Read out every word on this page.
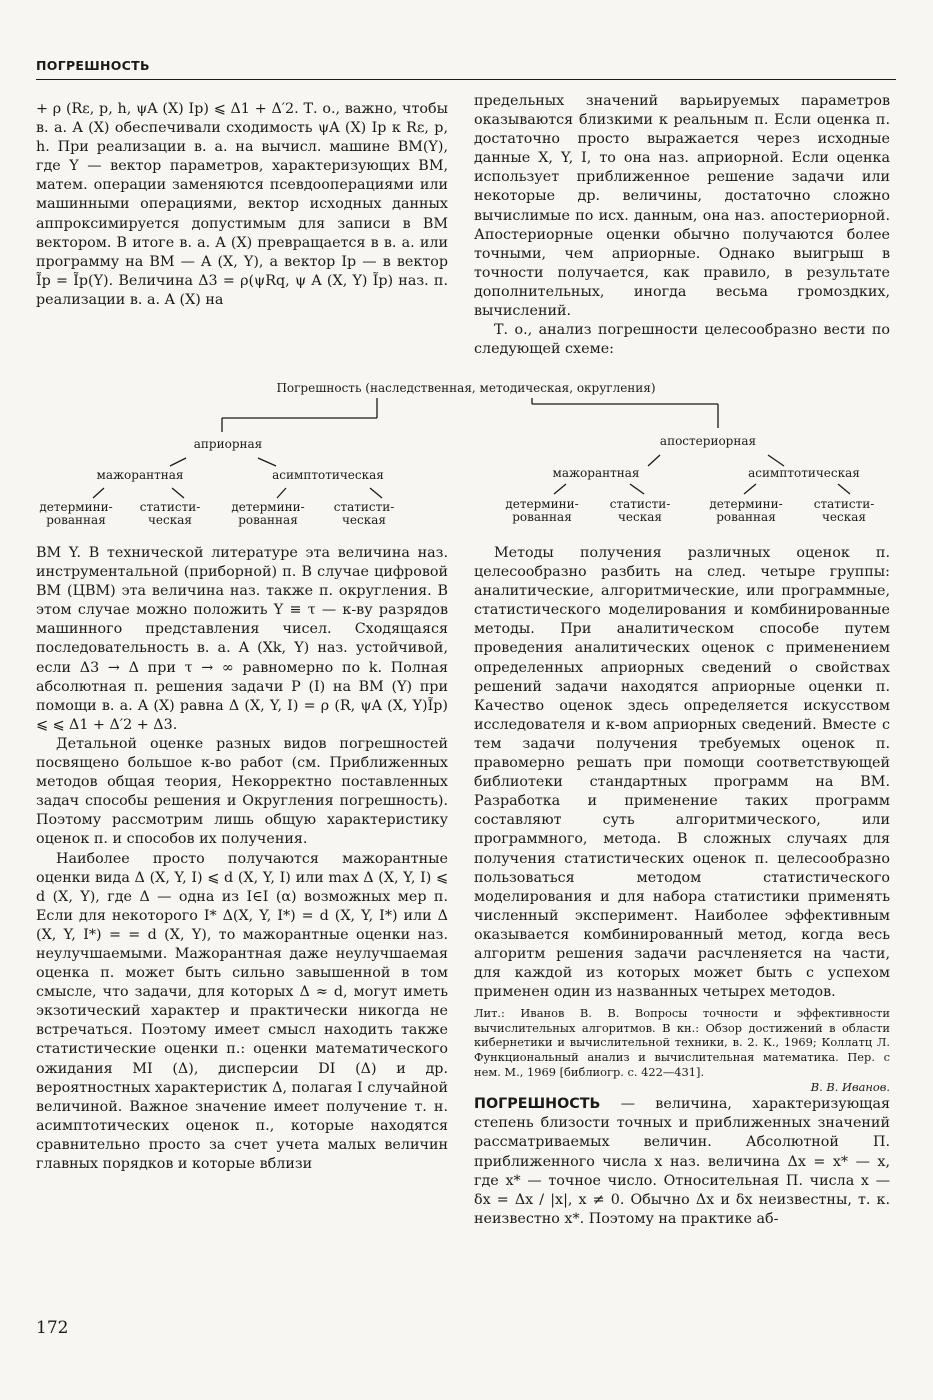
ПОГРЕШНОСТЬ

+ ρ (Rε, p, h, ψA (X) Ip) ⩽ Δ1 + Δ′2. Т. о., важно, чтобы в. а. A (X) обеспечивали сходимость ψA (X) Ip к Rε, p, h. При реализации в. а. на вычисл. машине ВМ(Y), где Y — вектор параметров, характеризующих ВМ, матем. операции заменяются псевдооперациями или машинными операциями, вектор исходных данных аппроксимируется допустимым для записи в ВМ вектором. В итоге в. а. A (X) превращается в в. а. или программу на ВМ — A (X, Y), а вектор Ip — в вектор Ĩp = Ĩp(Y). Величина Δ3 = ρ(ψRq, ψ A (X, Y) Ĩp) наз. п. реализации в. а. A (X) на

предельных значений варьируемых параметров оказываются близкими к реальным п. Если оценка п. достаточно просто выражается через исходные данные X, Y, I, то она наз. априорной. Если оценка использует приближенное решение задачи или некоторые др. величины, достаточно сложно вычислимые по исх. данным, она наз. апостериорной. Апостериорные оценки обычно получаются более точными, чем априорные. Однако выигрыш в точности получается, как правило, в результате дополнительных, иногда весьма громоздких, вычислений.

Т. о., анализ погрешности целесообразно вести по следующей схеме:

Погрешность (наследственная, методическая, округления)
априорная	апостериорная
мажорантная	асимптотическая	мажорантная	асимптотическая
детермини-
рованная
статисти-
ческая
детермини-
рованная
статисти-
ческая
детермини-
рованная
статисти-
ческая
детермини-
рованная
статисти-
ческая

ВМ Y. В технической литературе эта величина наз. инструментальной (приборной) п. В случае цифровой ВМ (ЦВМ) эта величина наз. также п. округления. В этом случае можно положить Y ≡ τ — к-ву разрядов машинного представления чисел. Сходящаяся последовательность в. а. A (Xk, Y) наз. устойчивой, если Δ3 → Δ при τ → ∞ равномерно по k. Полная абсолютная п. решения задачи P (I) на ВМ (Y) при помощи в. а. A (X) равна Δ (X, Y, I) = ρ (R, ψA (X, Y)Ĩp) ⩽ ⩽ Δ1 + Δ′2 + Δ3.

Детальной оценке разных видов погрешностей посвящено большое к-во работ (см. Приближенных методов общая теория, Некорректно поставленных задач способы решения и Округления погрешность). Поэтому рассмотрим лишь общую характеристику оценок п. и способов их получения.

Наиболее просто получаются мажорантные оценки вида Δ (X, Y, I) ⩽ d (X, Y, I) или max Δ (X, Y, I) ⩽ d (X, Y), где Δ — одна из I∈I (α) возможных мер п. Если для некоторого I* Δ(X, Y, I*) = d (X, Y, I*) или Δ (X, Y, I*) = = d (X, Y), то мажорантные оценки наз. неулучшаемыми. Мажорантная даже неулучшаемая оценка п. может быть сильно завышенной в том смысле, что задачи, для которых Δ ≈ d, могут иметь экзотический характер и практически никогда не встречаться. Поэтому имеет смысл находить также статистические оценки п.: оценки математического ожидания MI (Δ), дисперсии DI (Δ) и др. вероятностных характеристик Δ, полагая I случайной величиной. Важное значение имеет получение т. н. асимптотических оценок п., которые находятся сравнительно просто за счет учета малых величин главных порядков и которые вблизи

Методы получения различных оценок п. целесообразно разбить на след. четыре группы: аналитические, алгоритмические, или программные, статистического моделирования и комбинированные методы. При аналитическом способе путем проведения аналитических оценок с применением определенных априорных сведений о свойствах решений задачи находятся априорные оценки п. Качество оценок здесь определяется искусством исследователя и к-вом априорных сведений. Вместе с тем задачи получения требуемых оценок п. правомерно решать при помощи соответствующей библиотеки стандартных программ на ВМ. Разработка и применение таких программ составляют суть алгоритмического, или программного, метода. В сложных случаях для получения статистических оценок п. целесообразно пользоваться методом статистического моделирования и для набора статистики применять численный эксперимент. Наиболее эффективным оказывается комбинированный метод, когда весь алгоритм решения задачи расчленяется на части, для каждой из которых может быть с успехом применен один из названных четырех методов.

Лит.: Иванов В. В. Вопросы точности и эффективности вычислительных алгоритмов. В кн.: Обзор достижений в области кибернетики и вычислительной техники, в. 2. К., 1969; Коллатц Л. Функциональный анализ и вычислительная математика. Пер. с нем. М., 1969 [библиогр. с. 422—431].

В. В. Иванов.

ПОГРЕШНОСТЬ — величина, характеризующая степень близости точных и приближенных значений рассматриваемых величин. Абсолютной П. приближенного числа x наз. величина Δx = x* — x, где x* — точное число. Относительная П. числа x — δx = Δx / |x|, x ≠ 0. Обычно Δx и δx неизвестны, т. к. неизвестно x*. Поэтому на практике аб-

172
